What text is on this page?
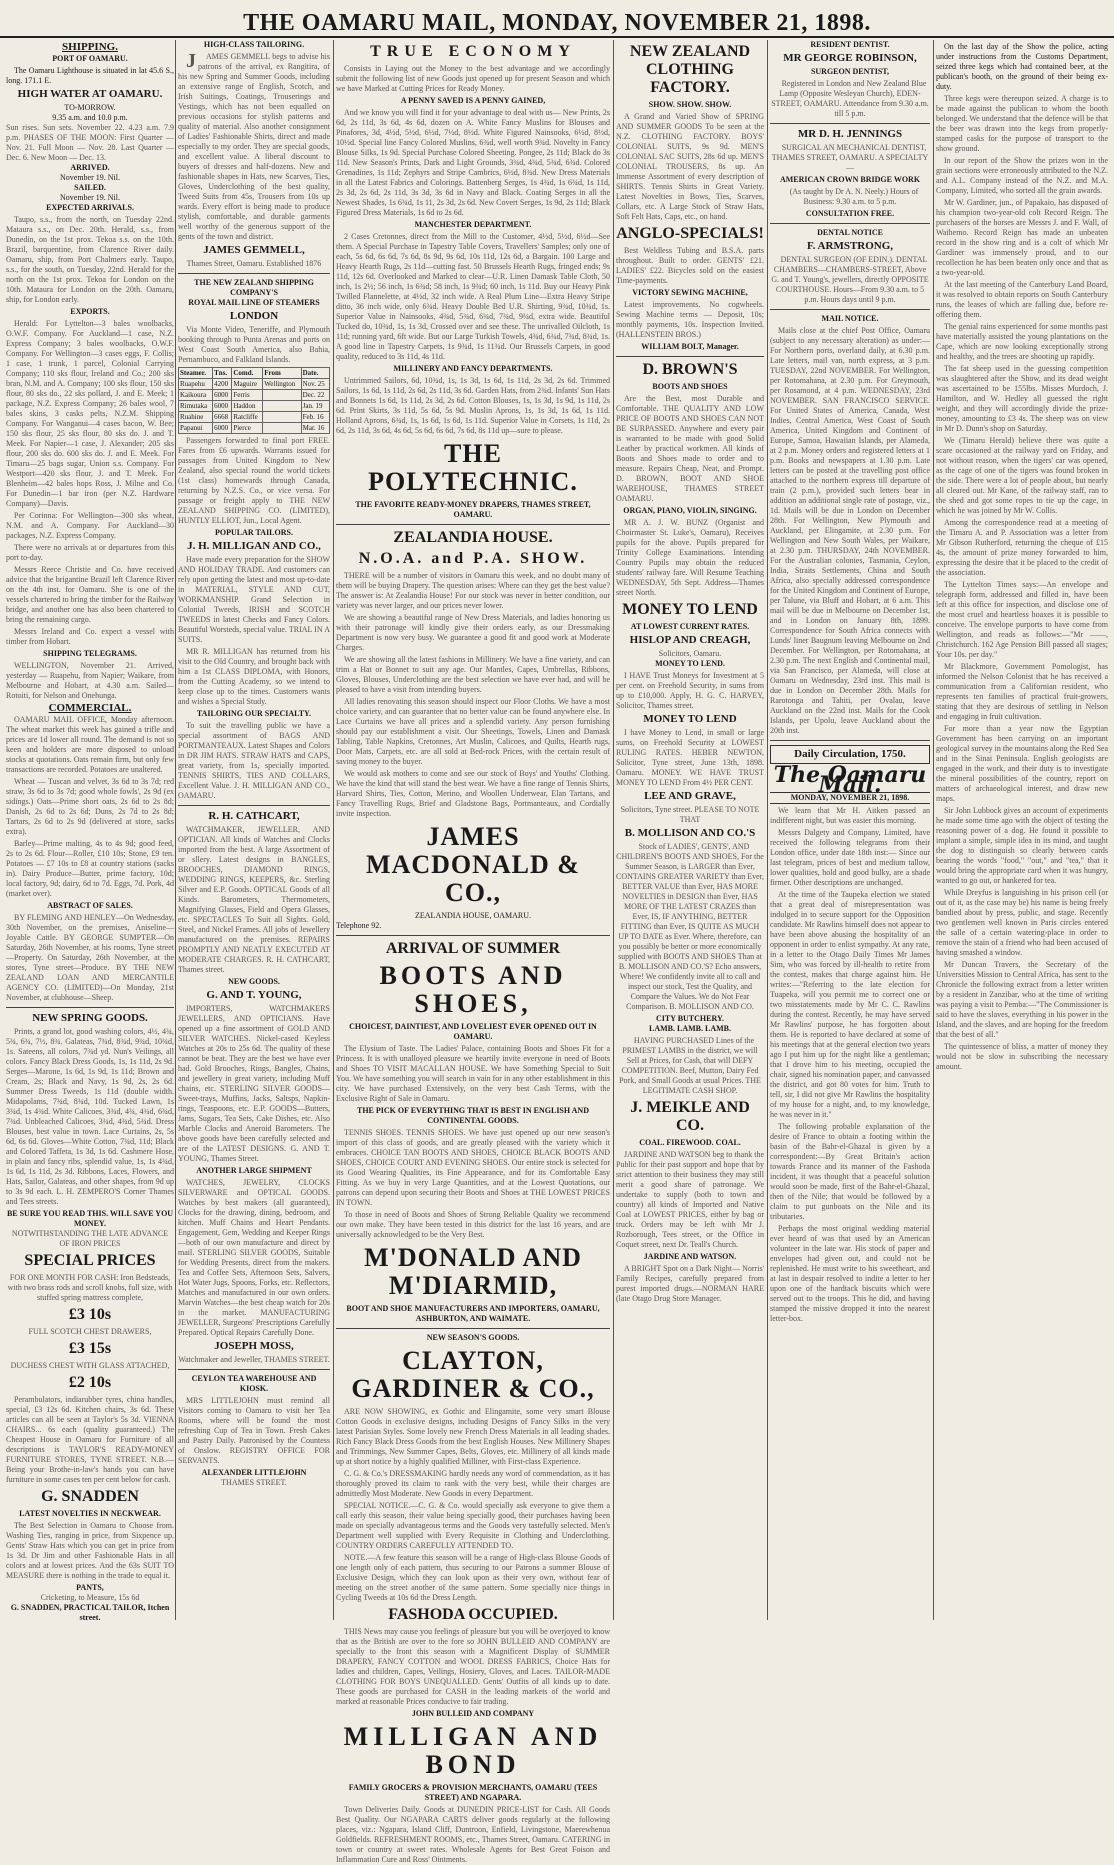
THE OAMARU MAIL, MONDAY, NOVEMBER 21, 1898.
SHIPPING.
PORT OF OAMARU.

The Oamaru Lighthouse is situated in lat 45.6 S., long. 171.1 E.

HIGH WATER AT OAMARU.
TO-MORROW.
9.35 a.m. and 10.0 p.m.
Sun rises. Sun sets. November 22. 4.23 a.m. 7.9 p.m. PHASES OF THE MOON: First Quarter — Nov. 21. Full Moon — Nov. 28. Last Quarter — Dec. 6. New Moon — Dec. 13.
ARRIVED.
November 19. Nil.
SAILED.
November 19. Nil.
EXPECTED ARRIVALS.

Taupo, s.s., from the north, on Tuesday 22nd. Mataura s.s., on Dec. 20th. Herald, s.s., from Dunedin, on the 1st prox. Tekoa s.s. on the 10th. Brazil, barquentine, from Clarence River daily. Oamaru, ship, from Port Chalmers early. Taupo, s.s., for the south, on Tuesday, 22nd. Herald for the north on the 1st prox. Tekoa for London on the 10th. Mataura for London on the 20th. Oamaru, ship, for London early.

EXPORTS.

Herald: For Lyttelton—3 bales woolbacks, O.W.F. Company. For Auckland—1 case, N.Z. Express Company; 3 bales woolbacks, O.W.F. Company. For Wellington—3 cases eggs, F. Collis; 1 case, 1 trunk, 1 parcel, Colonial Carrying Company; 110 sks flour, Ireland and Co.; 200 sks bran, N.M. and A. Company; 100 sks flour, 150 sks flour, 80 sks do., 22 sks pollard, J. and E. Meek; 1 package, N.Z. Express Company; 26 bales wool, 7 bales skins, 3 casks pelts, N.Z.M. Shipping Company. For Wanganui—4 cases bacon, W. Bee; 150 sks flour, 25 sks flour, 80 sks do. J. and T. Meek. For Napier—1 case, J. Alexander; 205 sks flour, 200 sks do. 600 sks do. J. and E. Meek. For Timaru—25 bags sugar, Union s.s. Company. For Westport—420 sks flour, J. and T. Meek. For Blenheim—42 bales hops Ross, J. Milne and Co. For Dunedin—1 bar iron (per N.Z. Hardware Company)—Davis.

Per Corinna: For Wellington—300 sks wheat, N.M. and A. Company. For Auckland—30 packages, N.Z. Express Company.

There were no arrivals at or departures from this port to-day.

Messrs Reece Christie and Co. have received advice that the brigantine Brazil left Clarence River on the 4th inst. for Oamaru. She is one of the vessels chartered to bring the timber for the Railway bridge, and another one has also been chartered to bring the remaining cargo.

Messrs Ireland and Co. expect a vessel with timber from Hobart.

SHIPPING TELEGRAMS.

WELLINGTON, November 21. Arrived, yesterday — Ruapehu, from Napier; Waikare, from Melbourne and Hobart, at 4.30 a.m. Sailed—Rotoiti, for Nelson and Onehunga.

COMMERCIAL.

OAMARU MAIL OFFICE, Monday afternoon. The wheat market this week has gained a trifle and prices are 1d lower all round. The demand is not so keen and holders are more disposed to unload stocks at quotations. Oats remain firm, but only few transactions are recorded. Potatoes are unaltered.

Wheat — Tuscan and velvet, 3s 6d to 3s 7d; red straw, 3s 6d to 3s 7d; good whole fowls', 2s 9d (ex sidings.) Oats—Prime short oats, 2s 6d to 2s 8d; Danish, 2s 6d to 2s 6d; Duns, 2s 7d to 2s 8d; Tartars, 2s 6d to 2s 9d (delivered at store, sacks extra).

Barley—Prime malting, 4s to 4s 9d; good feed, 2s to 2s 6d. Flour—Roller, £10 10s; Stone, £9 ten. Potatoes — £7 10s to £8 at country stations (sacks in). Dairy Produce—Butter, prime factory, 10d; local factory, 9d; dairy, 6d to 7d. Eggs, 7d. Pork, 4d (market over).

ABSTRACT OF SALES.

BY FLEMING AND HENLEY—On Wednesday, 30th November, on the premises, Aniseline—Joyable Cattle. BY GEORGE SUMPTER—On Saturday, 26th November, at his rooms, Tyne street—Property. On Saturday, 26th November, at the stores, Tyne street—Produce. BY THE NEW ZEALAND LOAN AND MERCANTILE AGENCY CO. (LIMITED)—On Monday, 21st November, at clubhouse—Sheep.

NEW SPRING GOODS.

Prints, a grand lot, good washing colors, 4½, 4¾, 5¾, 6¾, 7½, 8¾. Galateas, 7¾d, 8¾d, 9¾d, 10¾d, 1s. Sateens, all colors, 7¾d yd. Nun's Veilings, all colors. Fancy Black Dress Goods, 1s, 1s 11d, 2s 9d. Serges—Marone, 1s 6d, 1s 9d, 1s 11d; Brown and Cream, 2s; Black and Navy, 1s 9d, 2s, 2s 6d. Summer Dress Tweeds, 1s 11d (double width. Midapolams, 7¾d, 8¾d, 10d. Tucked Lawn, 1s 3¾d, 1s 4¾d. White Calicoes, 3¾d, 4¾, 4¾d, 6¾d, 7¾d. Unbleached Calicoes, 3¾d, 4¾d, 5¾d. Dress Blouses, best value in town. Lace Curtains, 2s, 5s 6d, 6s 6d. Gloves—White Cotton, 7¾d, 11d; Black and Colored Taffeta, 1s 3d, 1s 6d. Cashmere Hose, in plain and fancy ribs, splendid value, 1s, 1s 4¾d, 1s 6d, 1s 11d, 2s 3d. Ribbons, Laces, Flowers, and Hats, Sailor, Galateas, and other shapes, from 9d up to 3s 9d each. L. H. ZEMPERO'S Corner Thames and Tees streets.

BE SURE YOU READ THIS. WILL SAVE YOU MONEY.
NOTWITHSTANDING THE LATE ADVANCE OF IRON PRICES
SPECIAL PRICES
FOR ONE MONTH FOR CASH: Iron Bedsteads, with two brass rods and scroll knobs, full size, with stuffed spring mattress complete,
£3 10s
FULL SCOTCH CHEST DRAWERS,
£3 15s
DUCHESS CHEST WITH GLASS ATTACHED,
£2 10s

Perambulators, indiarubber tyres, china handles, special, £3 12s 6d. Kitchen chairs, 3s 6d. These articles can all be seen at Taylor's 5s 3d. VIENNA CHAIRS... 6s each (quality guaranteed.) The Cheapest House in Oamaru for Furniture of all descriptions is TAYLOR'S READY-MONEY FURNITURE STORES, TYNE STREET. N.B.—Being your Brothe-in-law's hands you can have furniture in some cases ten per cent below for cash.

G. SNADDEN
LATEST NOVELTIES IN NECKWEAR.

The Best Selection in Oamaru to Choose from. Washing Ties, ranging in price, from Sixpence up. Gents' Straw Hats which you can get in price from 1s 3d. Dr Jim and other Fashionable Hats in all colors and at lowest prices. And the 63s SUIT TO MEASURE there is nothing in the trade to equal it.

PANTS,
Cricketing, to Measure, 15s 6d
G. SNADDEN, PRACTICAL TAILOR, Itchen street.
HIGH-CLASS TAILORING.

JAMES GEMMELL begs to advise his patrons of the arrival, ex Rangitira, of his new Spring and Summer Goods, including an extensive range of English, Scotch, and Irish Suitings, Coatings, Trouserings and Vestings, which has not been equalled on previous occasions for stylish patterns and quality of material. Also another consignment of Ladies' Fashionable Shirts, direct and made especially to my order. They are special goods, and excellent value. A liberal discount to buyers of dresses and half-dozens. New and fashionable shapes in Hats, new Scarves, Ties, Gloves, Underclothing of the best quality, Tweed Suits from 45s, Trousers from 10s up wards. Every effort is being made to produce stylish, comfortable, and durable garments well worthy of the generous support of the gents of the town and district.

JAMES GEMMELL,
Thames Street, Oamaru. Established 1876
THE NEW ZEALAND SHIPPING COMPANY'S
ROYAL MAIL LINE OF STEAMERS
LONDON

Via Monte Video, Teneriffe, and Plymouth booking through to Punta Arenas and ports on West Coast South America, also Bahia, Pernambuco, and Falkland Islands.

Steamer.	Tns.	Comd.	From	Date.
Ruapehu	4200	Maguire	Wellington	Nov. 25
Kaikoura	6000	Ferris		Dec. 22
Rimutaka	6000	Haddon		Jan. 19
Ruahine	6668	Ratcliffe		Feb. 16
Papanui	6000	Pierce		Mar. 16

Passengers forwarded to final port FREE. Fares from £6 upwards. Warrants issued for passages from United Kingdom to New Zealand, also special round the world tickets (1st class) homewards through Canada, returning by N.Z.S. Co., or vice versa. For passage or freight apply to THE NEW ZEALAND SHIPPING CO. (LIMITED), HUNTLY ELLIOT, Jun., Local Agent.

POPULAR TAILORS.
J. H. MILLIGAN AND CO.,

Have made every preparation for the SHOW AND HOLIDAY TRADE. And customers can rely upon getting the latest and most up-to-date in MATERIAL, STYLE AND CUT, WORKMANSHIP. Grand Selection in Colonial Tweeds, IRISH and SCOTCH TWEEDS in latest Checks and Fancy Colors. Beautiful Worsteds, special value. TRIAL IN A SUITS.

MR R. MILLIGAN has returned from his visit to the Old Country, and brought back with him a 1st CLASS DIPLOMA, with Honors, from the Cutting Academy, so we intend to keep close up to the times. Customers wants and wishes a Special Study.

TAILORING OUR SPECIALTY.

To suit the travelling public we have a special assortment of BAGS AND PORTMANTEAUX. Latest Shapes and Colors in DR JIM HATS. STRAW HATS and CAPS, great variety, from 1s, specially imported. TENNIS SHIRTS, TIES AND COLLARS, Excellent Value. J. H. MILLIGAN AND CO., OAMARU.

R. H. CATHCART,

WATCHMAKER, JEWELLER, AND OPTICIAN. All kinds of Watches and Clocks imported from the best. A large Assortment of or sllery. Latest designs in BANGLES, BROOCHES, DIAMOND RINGS, WEDDING RINGS, KEEPERS, &c. Sterling Silver and E.P. Goods. OPTICAL Goods of all Kinds. Barometers, Thermometers, Magnifying Glasses, Field and Opera Glasses, etc. SPECTACLES To Suit all Sights. Gold, Steel, and Nickel Frames. All jobs of Jewellery manufactured on the premises. REPAIRS PROMPTLY AND NEATLY EXECUTED AT MODERATE CHARGES. R. H. CATHCART, Thames street.

NEW GOODS.
G. AND T. YOUNG,

IMPORTERS, WATCHMAKERS JEWELLERS, AND OPTICIANS. Have opened up a fine assortment of GOLD AND SILVER WATCHES. Nickel-cased Keyless Watches at 20s to 25s 6d. The quality of these cannot be beat. They are the best we have ever had. Gold Brooches, Rings, Bangles, Chains, and jewellery in great variety, including Muff chains, etc. STERLING SILVER GOODS—Sweet-trays, Muffins, Jacks, Saltsps, Napkin-rings, Teaspoons, etc. E.P. GOODS—Butters, Jams, Sugars, Tea Sets, Cake Dishes, etc. Also Marble Clocks and Aneroid Barometers. The above goods have been carefully selected and are of the LATEST DESIGNS. G. AND T. YOUNG, Thames Street.

ANOTHER LARGE SHIPMENT

WATCHES, JEWELRY, CLOCKS SILVERWARE and OPTICAL GOODS. Watches by best makers (all guaranteed), Clocks for the drawing, dining, bedroom, and kitchen. Muff Chains and Heart Pendants. Engagement, Gem, Wedding and Keeper Rings—both of our own manufacture and direct by mail. STERLING SILVER GOODS, Suitable for Wedding Presents, direct from the makers. Tea and Coffee Sets, Afternoon Sets, Salvers, Hot Water Jugs, Spoons, Forks, etc. Reflectors, Matches and manufactured in our own orders. Marvin Watches—the best cheap watch for 20s in the market. MANUFACTURING JEWELLER, Surgeons' Prescriptions Carefully Prepared. Optical Repairs Carefully Done.

JOSEPH MOSS,
Watchmaker and Jeweller, THAMES STREET.
CEYLON TEA WAREHOUSE AND KIOSK.

MRS LITTLEJOHN must remind all Visitors coming to Oamaru to visit her Tea Rooms, where will be found the most refreshing Cup of Tea in Town. Fresh Cakes and Pastry Daily. Patronised by the Countess of Onslow. REGISTRY OFFICE FOR SERVANTS.

ALEXANDER LITTLEJOHN
THAMES STREET.
TRUE ECONOMY

Consists in Laying out the Money to the best advantage and we accordingly submit the following list of new Goods just opened up for present Season and which we have Marked at Cutting Prices for Ready Money.

A PENNY SAVED IS A PENNY GAINED,

And we know you will find it for your advantage to deal with us— New Prints, 2s 6d, 2s 11d, 3s 6d, 4s 6d, dozen on A. White Fancy Muslins for Blouses and Pinafores, 3d, 4½d, 5½d, 6½d, 7½d, 8½d. White Figured Nainsooks, 6½d, 8½d, 10½d. Special line Fancy Colored Muslins, 6¾d, well worth 9¾d. Novelty in Fancy Blouse Silks, 1s 9d. Special Purchase Colored Sheeting. Pongee, 2s 11d; Black do 3s 11d. New Season's Prints, Dark and Light Grounds, 3¾d, 4¾d, 5¾d, 6¾d. Colored Grenadines, 1s 11d; Zephyrs and Stripe Cambrics, 6½d, 8¾d. New Dress Materials in all the Latest Fabrics and Colorings. Battenberg Serges, 1s 4¾d, 1s 6¾d, 1s 11d, 2s 3d, 2s 6d, 2s 11d, 3s 3d, 3s 6d in Navy and Black. Coating Serges in all the Newest Shades, 1s 6¾d, 1s 11, 2s 3d, 2s 6d. New Covert Serges, 1s 9d, 2s 11d; Black Figured Dress Materials, 1s 6d to 2s 6d.

MANCHESTER DEPARTMENT.

2 Cases Cretonnes, direct from the Mill to the Customer, 4½d, 5½d, 6½d—See them. A Special Purchase in Tapestry Table Covers, Travellers' Samples; only one of each, 5s 6d, 6s 6d, 7s 6d, 8s 9d, 9s 6d, 10s 11d, 12s 6d, a Bargain. 100 Large and Heavy Hearth Rugs, 2s 11d—cutting fast. 50 Brussels Hearth Rugs, fringed ends; 9s 11d, 12s 6d. Overlooked and Marked to clear—U.R. Linen Damask Table Cloth, 50 inch, 1s 2½; 56 inch, 1s 6¾d; 58 inch, 1s 9¾d; 60 inch, 1s 11d. Buy our Heavy Pink Twilled Flannelette, at 4½d, 32 inch wide. A Real Plum Line—Extra Heavy Stripe ditto, 36 inch wide, only 6¾d. Heavy Double Bed U.R. Shirting, 9¾d, 10¾d, 1s. Superior Value in Nainsooks, 4¾d, 5¾d, 6¾d, 7¾d, 9¼d, extra wide. Beautiful Tucked do, 10¾d, 1s, 1s 3d, Crossed over and see these. The unrivalled Oilcloth, 1s 11d; running yard, 6ft wide. But our Large Turkish Towels, 4¾d, 6¾d, 7¾d, 8¾d, 1s. A good line in Tapestry Carpets, 1s 9¾d, 1s 11¾d. Our Brussels Carpets, in good quality, reduced to 3s 11d, 4s 11d.

MILLINERY AND FANCY DEPARTMENTS.

Untrimmed Sailors, 6d, 10¾d, 1s, 1s 3d, 1s 6d, 1s 11d, 2s 3d, 2s 6d. Trimmed Sailors, 1s 6d, 1s 11d, 2s 6d, 2s 11d, 3s 6d. Garden Hats, from 2¾d. Infants' Sun Hats and Bonnets 1s 6d, 1s 11d, 2s 3d, 2s 6d. Cotton Blouses, 1s, 1s 3d, 1s 9d, 1s 11d, 2s 6d. Print Skirts, 3s 11d, 5s 6d, 5s 9d. Muslin Aprons, 1s, 1s 3d, 1s 6d, 1s 11d. Holland Aprons, 6¾d, 1s, 1s 6d, 1s 6d, 1s 11d. Superior Value in Corsets, 1s 11d, 2s 6d, 2s 11d, 3s 6d, 4s 6d, 5s 6d, 6s 6d, 7s 6d, 8s 11d up—sure to please.

THE POLYTECHNIC.
THE FAVORITE READY-MONEY DRAPERS, THAMES STREET, OAMARU.
ZEALANDIA HOUSE.
N.O.A. and P.A. SHOW.

THERE will be a number of visitors in Oamaru this week, and no doubt many of them will be buying Drapery. The question arises: Where can they get the best value? The answer is: At Zealandia House! For our stock was never in better condition, our variety was never larger, and our prices never lower.

We are showing a beautiful range of New Dress Materials, and ladies honoring us with their patronage will kindly give their orders early, as our Dressmaking Department is now very busy. We guarantee a good fit and good work at Moderate Charges.

We are showing all the latest fashions in Millinery. We have a fine variety, and can trim a Hat or Bonnet to suit any age. Our Mantles, Capes, Umbrellas, Ribbons, Gloves, Blouses, Underclothing are the best selection we have ever had, and will be pleased to have a visit from intending buyers.

All ladies renovating this season should inspect our Floor Cloths. We have a most choice variety, and can guarantee that no better value can be found anywhere else. In Lace Curtains we have all prices and a splendid variety. Any person furnishing should pay our establishment a visit. Our Sheetings, Towels, Linen and Damask Tabling, Table Napkins, Cretonnes, Art Muslin, Calicoes, and Quilts, Hearth rugs, Door Mats, Carpets, etc. are all sold at Bed-rock Prices, with the certain result of saving money to the buyer.

We would ask mothers to come and see our stock of Boys' and Youths' Clothing. We have the kind that will stand the best wear. We have a fine range of Tennis Shirts, Harvard Shirts, Ties, Cotton, Merino, and Woollen Underwear, Elan Tartans, and Fancy Travelling Rugs, Brief and Gladstone Bags, Portmanteaux, and Cordially invite inspection.

JAMES MACDONALD & CO.,
ZEALANDIA HOUSE, OAMARU.
Telephone 92.
ARRIVAL OF SUMMER
BOOTS AND SHOES,
CHOICEST, DAINTIEST, AND LOVELIEST EVER OPENED OUT IN OAMARU.

The Elysium of Taste. The Ladies' Palace, containing Boots and Shoes Fit for a Princess. It is with unalloyed pleasure we heartily invite everyone in need of Boots and Shoes TO VISIT MACALLAN HOUSE. We have Something Special to Suit You. We have something you will search in vain for in any other establishment in this city. We have purchased Extensively, on the very best Cash Terms, with the Exclusive Right of Sale in Oamaru.

THE PICK OF EVERYTHING THAT IS BEST IN ENGLISH AND CONTINENTAL GOODS.

TENNIS SHOES. TENNIS SHOES. We have just opened up our new season's import of this class of goods, and are greatly pleased with the variety which it embraces. CHOICE TAN BOOTS AND SHOES, CHOICE BLACK BOOTS AND SHOES, CHOICE COURT AND EVENING SHOES. Our entire stock is selected for its Good Wearing Qualities, its Fine Appearance, and for its Comfortable Easy Fitting. As we buy in very Large Quantities, and at the Lowest Quotations, our patrons can depend upon securing their Boots and Shoes at THE LOWEST PRICES IN TOWN.

To those in need of Boots and Shoes of Strong Reliable Quality we recommend our own make. They have been tested in this district for the last 16 years, and are universally acknowledged to be the Very Best.

M'DONALD AND M'DIARMID,
BOOT AND SHOE MANUFACTURERS AND IMPORTERS, OAMARU, ASHBURTON, AND WAIMATE.
NEW SEASON'S GOODS.
CLAYTON, GARDINER & CO.,

ARE NOW SHOWING, ex Gothic and Elingamite, some very smart Blouse Cotton Goods in exclusive designs, including Designs of Fancy Silks in the very latest Parisian Styles. Some lovely new French Dress Materials in all leading shades. Rich Fancy Black Dress Goods from the best English Houses. New Millinery Shapes and Trimmings, New Summer Capes, Belts, Gloves, etc. Millinery of all kinds made up at short notice by a highly qualified Milliner, with First-class Experience.

C. G. & Co.'s DRESSMAKING hardly needs any word of commendation, as it has thoroughly proved its claim to rank with the very best, while their charges are admittedly Most Moderate. New Goods in every Department.

SPECIAL NOTICE.—C. G. & Co. would specially ask everyone to give them a call early this season, their value being specially good, their purchases having been made on specially advantageous terms and the Goods very tastefully selected. Men's Department well supplied with Every Requisite in Clothing and Underclothing. COUNTRY ORDERS CAREFULLY ATTENDED TO.

NOTE.—A few feature this season will be a range of High-class Blouse Goods of one length only of each pattern, thus securing to our Patrons a summer Blouse of Exclusive Design, which they can look upon as their very own, without fear of meeting on the street another of the same pattern. Some specially nice things in Cycling Tweeds at 10s 6d the Dress Length.

FASHODA OCCUPIED.

THIS News may cause you feelings of pleasure but you will be overjoyed to know that as the British are over to the fore so JOHN BULLEID AND COMPANY are specially to the front this season with a Magnificent Display of SUMMER DRAPERY, FANCY COTTON and WOOL DRESS FABRICS, Choice Hats for ladies and children, Capes, Veilings, Hosiery, Gloves, and Laces. TAILOR-MADE CLOTHING FOR BOYS UNEQUALLED. Gents' Outfits of all kinds up to date. These goods are purchased for CASH in the leading markets of the world and marked at reasonable Prices conducive to fair trading.

JOHN BULLEID AND COMPANY
MILLIGAN AND BOND
FAMILY GROCERS & PROVISION MERCHANTS, OAMARU (TEES STREET) AND NGAPARA.

Town Deliveries Daily. Goods at DUNEDIN PRICE-LIST for Cash. All Goods Best Quality. Our NGAPARA CARTS deliver goods regularly at the following places, viz.: Ngapara, Island Cliff, Duntroon, Enfield, Livingstone, Maerewhenua Goldfields. REFRESHMENT ROOMS, etc., Thames Street, Oamaru. CATERING in town or country at sweet rates. Wholesale Agents for Best Great Foison and Inflammation Cure and Ross' Ointments.

NEW ZEALAND CLOTHING FACTORY.
SHOW. SHOW. SHOW.

A Grand and Varied Show of SPRING AND SUMMER GOODS To be seen at the N.Z. CLOTHING FACTORY. BOYS' COLONIAL SUITS, 9s 9d. MEN'S COLONIAL SAC SUITS, 28s 6d up. MEN'S COLONIAL TROUSERS, 8s up. An Immense Assortment of every description of SHIRTS. Tennis Shirts in Great Variety. Latest Novelties in Bows, Ties, Scarves, Collars, etc. A Large Stock of Straw Hats, Soft Felt Hats, Caps, etc., on hand.

ANGLO-SPECIALS!

Best Weldless Tubing and B.S.A. parts throughout. Built to order. GENTS' £21. LADIES' £22. Bicycles sold on the easiest Time-payments.

VICTORY SEWING MACHINE,

Latest improvements. No cogwheels. Sewing Machine terms — Deposit, 10s; monthly payments, 10s. Inspection Invited. (HALLENSTEIN BROS.)

WILLIAM BOLT, Manager.
D. BROWN'S
BOOTS AND SHOES

Are the Best, most Durable and Comfortable. THE QUALITY AND LOW PRICE OF BOOTS AND SHOES CAN NOT BE SURPASSED. Anywhere and every pair is warranted to be made with good Solid Leather by practical workmen. All kinds of Boots and Shoes made to order and to measure. Repairs Cheap, Neat, and Prompt. D. BROWN, BOOT AND SHOE WAREHOUSE, THAMES STREET OAMARU.

ORGAN, PIANO, VIOLIN, SINGING.

MR A. J. W. BUNZ (Organist and Choirmaster St. Luke's, Oamaru), Receives pupils for the above. Pupils prepared for Trinity College Examinations. Intending Country Pupils may obtain the reduced students' railway fare. Will Resume Teaching WEDNESDAY, 5th Sept. Address—Thames street North.

MONEY TO LEND
AT LOWEST CURRENT RATES.
HISLOP AND CREAGH,
Solicitors, Oamaru.
MONEY TO LEND.

I HAVE Trust Moneys for Investment at 5 per cent. on Freehold Security, in sums from up to £10,000. Apply, H. G. C. HARVEY, Solicitor, Thames street.

MONEY TO LEND

I have Money to Lend, in small or large sums, on Freehold Security at LOWEST RULING RATES. HEBER NEWTON, Solicitor, Tyne street, June 13th, 1898. Oamaru. MONEY. WE HAVE TRUST MONEY TO LEND From 4½ PER CENT.

LEE AND GRAVE,
Solicitors, Tyne street. PLEASE TO NOTE THAT
B. MOLLISON AND CO.'S

Stock of LADIES', GENTS', AND CHILDREN'S BOOTS AND SHOES, For the Summer Season, is LARGER than Ever, CONTAINS GREATER VARIETY than Ever, BETTER VALUE than Ever, HAS MORE NOVELTIES in DESIGN than Ever, HAS MORE OF THE LATEST CRAZES than Ever, IS, IF ANYTHING, BETTER FITTING than Ever, IS QUITE AS MUCH UP TO DATE as Ever. Where, therefore, can you possibly be better or more economically supplied with BOOTS AND SHOES Than at B. MOLLISON AND CO.'S? Echo answers, Where! We confidently invite all to call and inspect our stock, Test the Quality, and Compare the Values. We do Not Fear Comparison. B. MOLLISON AND CO.

CITY BUTCHERY.
LAMB. LAMB. LAMB.

HAVING PURCHASED Lines of the PRIMEST LAMBS in the district, we will Sell at Prices, for Cash, that will DEFY COMPETITION. Beef, Mutton, Dairy Fed Pork, and Small Goods at usual Prices. THE LEGITIMATE CASH SHOP.

J. MEIKLE AND CO.
COAL. FIREWOOD. COAL.

JARDINE AND WATSON beg to thank the Public for their past support and hope that by strict attention to their business they may still merit a good share of patronage. We undertake to supply (both to town and country) all kinds of Imported and Native Coal at LOWEST PRICES, either by bag or truck. Orders may be left with Mr J. Rozborough, Tees street, or the Office in Coquet street, next Dr. Teall's Church.

JARDINE AND WATSON.

A BRIGHT Spot on a Dark Night— Norris' Family Recipes, carefully prepared from purest imported drugs.—NORMAN HARE (late Otago Drug Store Manager.

RESIDENT DENTIST.
MR GEORGE ROBINSON,
SURGEON DENTIST,

Registered in London and New Zealand Blue Lamp (Opposite Wesleyan Church), EDEN-STREET, OAMARU. Attendance from 9.30 a.m. till 5 p.m.

MR D. H. JENNINGS

SURGICAL AN MECHANICAL DENTIST, THAMES STREET, OAMARU. A SPECIALTY—

AMERICAN CROWN BRIDGE WORK

(As taught by Dr A. N. Neely.) Hours of Business: 9.30 a.m. to 5 p.m.

CONSULTATION FREE.
DENTAL NOTICE
F. ARMSTRONG,

DENTAL SURGEON (OF EDIN.). DENTAL CHAMBERS—CHAMBERS-STREET, Above G. and T. Young's, jewellers, directly OPPOSITE COURTHOUSE. Hours—From 9.30 a.m. to 5 p.m. Hours days until 9 p.m.

MAIL NOTICE.

Mails close at the chief Post Office, Oamaru (subject to any necessary alteration) as under:— For Northern ports, overland daily, at 6.30 p.m. Late letters, mail van, north express, at 3 p.m. TUESDAY, 22nd NOVEMBER. For Wellington, per Rotomahana, at 2.30 p.m. For Greymouth, per Rosamond, at 4 p.m. WEDNESDAY, 23rd NOVEMBER. SAN FRANCISCO SERVICE. For United States of America, Canada, West Indies, Central America, West Coast of South America, United Kingdom and Continent of Europe, Samoa, Hawaiian Islands, per Alameda, at 2 p.m. Money orders and registered letters at 1 p.m. Books and newspapers at 1.30 p.m. Late letters can be posted at the travelling post office attached to the northern express till departure of train (2 p.m.), provided such letters bear in addition an additional single rate of postage, viz., 1d. Mails will be due in London on December 28th. For Wellington, New Plymouth and Auckland, per Elingamite, at 2.30 p.m. For Wellington and New South Wales, per Waikare, at 2.30 p.m. THURSDAY, 24th NOVEMBER. For the Australian colonies, Tasmania, Ceylon, India, Straits Settlements, China and South Africa, also specially addressed correspondence for the United Kingdom and Continent of Europe, per Talune, via Bluff and Hobart, at 6 a.m. This mail will be due in Melbourne on December 1st, and in London on January 8th, 1899. Correspondence for South Africa connects with Lunds' liner Baugnum leaving Melbourne on 2nd December. For Wellington, per Rotomahana, at 2.30 p.m. The next English and Continental mail, via San Francisco, per Alameda, will close at Oamaru on Wednesday, 23rd inst. This mail is due in London on December 28th. Mails for Rarotonga and Tahiti, per Ovalau, leave Auckland on the 22nd inst. Mails for the Cook Islands, per Upolu, leave Auckland about the 20th inst.

Daily Circulation, 1750.
The Oamaru Mail.
MONDAY, NOVEMBER 21, 1898.

We learn that Mr H. Aitken passed an indifferent night, but was easier this morning.

Messrs Dalgety and Company, Limited, have received the following telegrams from their London office, under date 18th inst:— Since our last telegram, prices of best and medium tallow, lower qualities, hold and good bulky, are a shade firmer. Other descriptions are unchanged.

At the time of the Taupeka election we stated that a great deal of misrepresentation was indulged in to secure support for the Opposition candidate. Mr Rawlins himself does not appear to have been above abusing the hospitality of an opponent in order to enlist sympathy. At any rate, in a letter to the Otago Daily Times Mr James Sim, who was forced by ill-health to retire from the contest, makes that charge against him. He writes:—"Referring to the late election for Tuapeka, will you permit me to correct one or two misstatements made by Mr C. C. Rawlins during the contest. Recently, he may have served Mr Rawlins' purpose, he has forgotten about them. He is reported to have declared at some of his meetings that at the general election two years ago I put him up for the night like a gentleman; that I drove him to his meeting, occupied the chair, signed his nomination paper, and canvassed the district, and got 80 votes for him. Truth to tell, sir, I did not give Mr Rawlins the hospitality of my house for a night, and, to my knowledge, he was never in it."

The following probable explanation of the desire of France to obtain a footing within the basin of the Bahr-el-Ghazal is given by a correspondent:—By Great Britain's action towards France and its manner of the Fashoda incident, it was thought that a peaceful solution would soon be made, first of the Bahr-el-Ghazal, then of the Nile; that would be followed by a claim to put gunboats on the Nile and its tributaries.

Perhaps the most original wedding material ever heard of was that used by an American volunteer in the late war. His stock of paper and envelopes had given out, and could not be replenished. He must write to his sweetheart, and at last in despair resolved to indite a letter to her upon one of the hardtack biscuits which were served out to the troops. This he did, and having stamped the missive dropped it into the nearest letter-box.

On the last day of the Show the police, acting under instructions from the Customs Department, seized three kegs which had contained beer, at the publican's booth, on the ground of their being ex-duty.

Three kegs were thereupon seized. A charge is to be made against the publican to whom the booth belonged. We understand that the defence will be that the beer was drawn into the kegs from properly-stamped casks for the purpose of transport to the show ground.

In our report of the Show the prizes won in the grain sections were erroneously attributed to the N.Z. and A.L. Company instead of the N.Z. and M.A. Company, Limited, who sorted all the grain awards.

Mr W. Gardiner, jun., of Papakaio, has disposed of his champion two-year-old colt Record Reign. The purchasers of the horses are Messrs J. and F. Wall, of Waihemo. Record Reign has made an unbeaten record in the show ring and is a colt of which Mr Gardiner was immensely proud, and to our recollection he has been beaten only once and that as a two-year-old.

At the last meeting of the Canterbury Land Board, it was resolved to obtain reports on South Canterbury runs, the leases of which are falling due, before re-offering them.

The genial rains experienced for some months past have materially assisted the young plantations on the Cape, which are now looking exceptionally strong and healthy, and the trees are shooting up rapidly.

The fat sheep used in the guessing competition was slaughtered after the Show, and its dead weight was ascertained to be 155lbs. Misses Murdoch, J. Hamilton, and W. Hedley all guessed the right weight, and they will accordingly divide the prize-money, amounting to £3 4s. The sheep was on view in Mr D. Dunn's shop on Saturday.

We (Timaru Herald) believe there was quite a scare occasioned at the railway yard on Friday, and not without reason, when the tigers' car was opened, as the cage of one of the tigers was found broken in the side. There were a lot of people about, but nearly all cleared out. Mr Kane, of the railway staff, ran to the shed and got some ropes to tie up the cage, in which he was joined by Mr W. Collis.

Among the correspondence read at a meeting of the Timaru A. and P. Association was a letter from Mr Gibson Rutherford, returning the cheque of £15 4s, the amount of prize money forwarded to him, expressing the desire that it be placed to the credit of the association.

The Lyttelton Times says:—An envelope and telegraph form, addressed and filled in, have been left at this office for inspection, and disclose one of the most cruel and heartless hoaxes it is possible to conceive. The envelope purports to have come from Wellington, and reads as follows:—"Mr ——, Christchurch. 162 Age Pension Bill passed all stages; Your 10s. per day."

Mr Blackmore, Government Pomologist, has informed the Nelson Colonist that he has received a communication from a Californian resident, who represents ten families of practical fruit-growers, stating that they are desirous of settling in Nelson and engaging in fruit cultivation.

For more than a year now the Egyptian Government has been carrying on an important geological survey in the mountains along the Red Sea and in the Sinai Peninsula. English geologists are engaged in the work, and their duty is to investigate the mineral possibilities of the country, report on matters of archaeological interest, and draw new maps.

Sir John Lubbock gives an account of experiments he made some time ago with the object of testing the reasoning power of a dog. He found it possible to implant a simple, simple idea in its mind, and taught the dog to distinguish so clearly between cards bearing the words "food," "out," and "tea," that it would bring the appropriate card when it was hungry, wanted to go out, or hankered for tea.

While Dreyfus is languishing in his prison cell (or out of it, as the case may be) his name is being freely bandied about by press, public, and stage. Recently two gentlemen well known in Paris circles entered the salle of a certain watering-place in order to remove the stain of a friend who had been accused of having smashed a window.

Mr Duncan Travers, the Secretary of the Universities Mission to Central Africa, has sent to the Chronicle the following extract from a letter written by a resident in Zanzibar, who at the time of writing was paying a visit to Pemba:—"The Commissioner is said to have the slaves, everything in his power in the Island, and the slaves, and are hoping for the freedom that the best of all."

The quintessence of bliss, a matter of money they would not be slow in subscribing the necessary amount.
